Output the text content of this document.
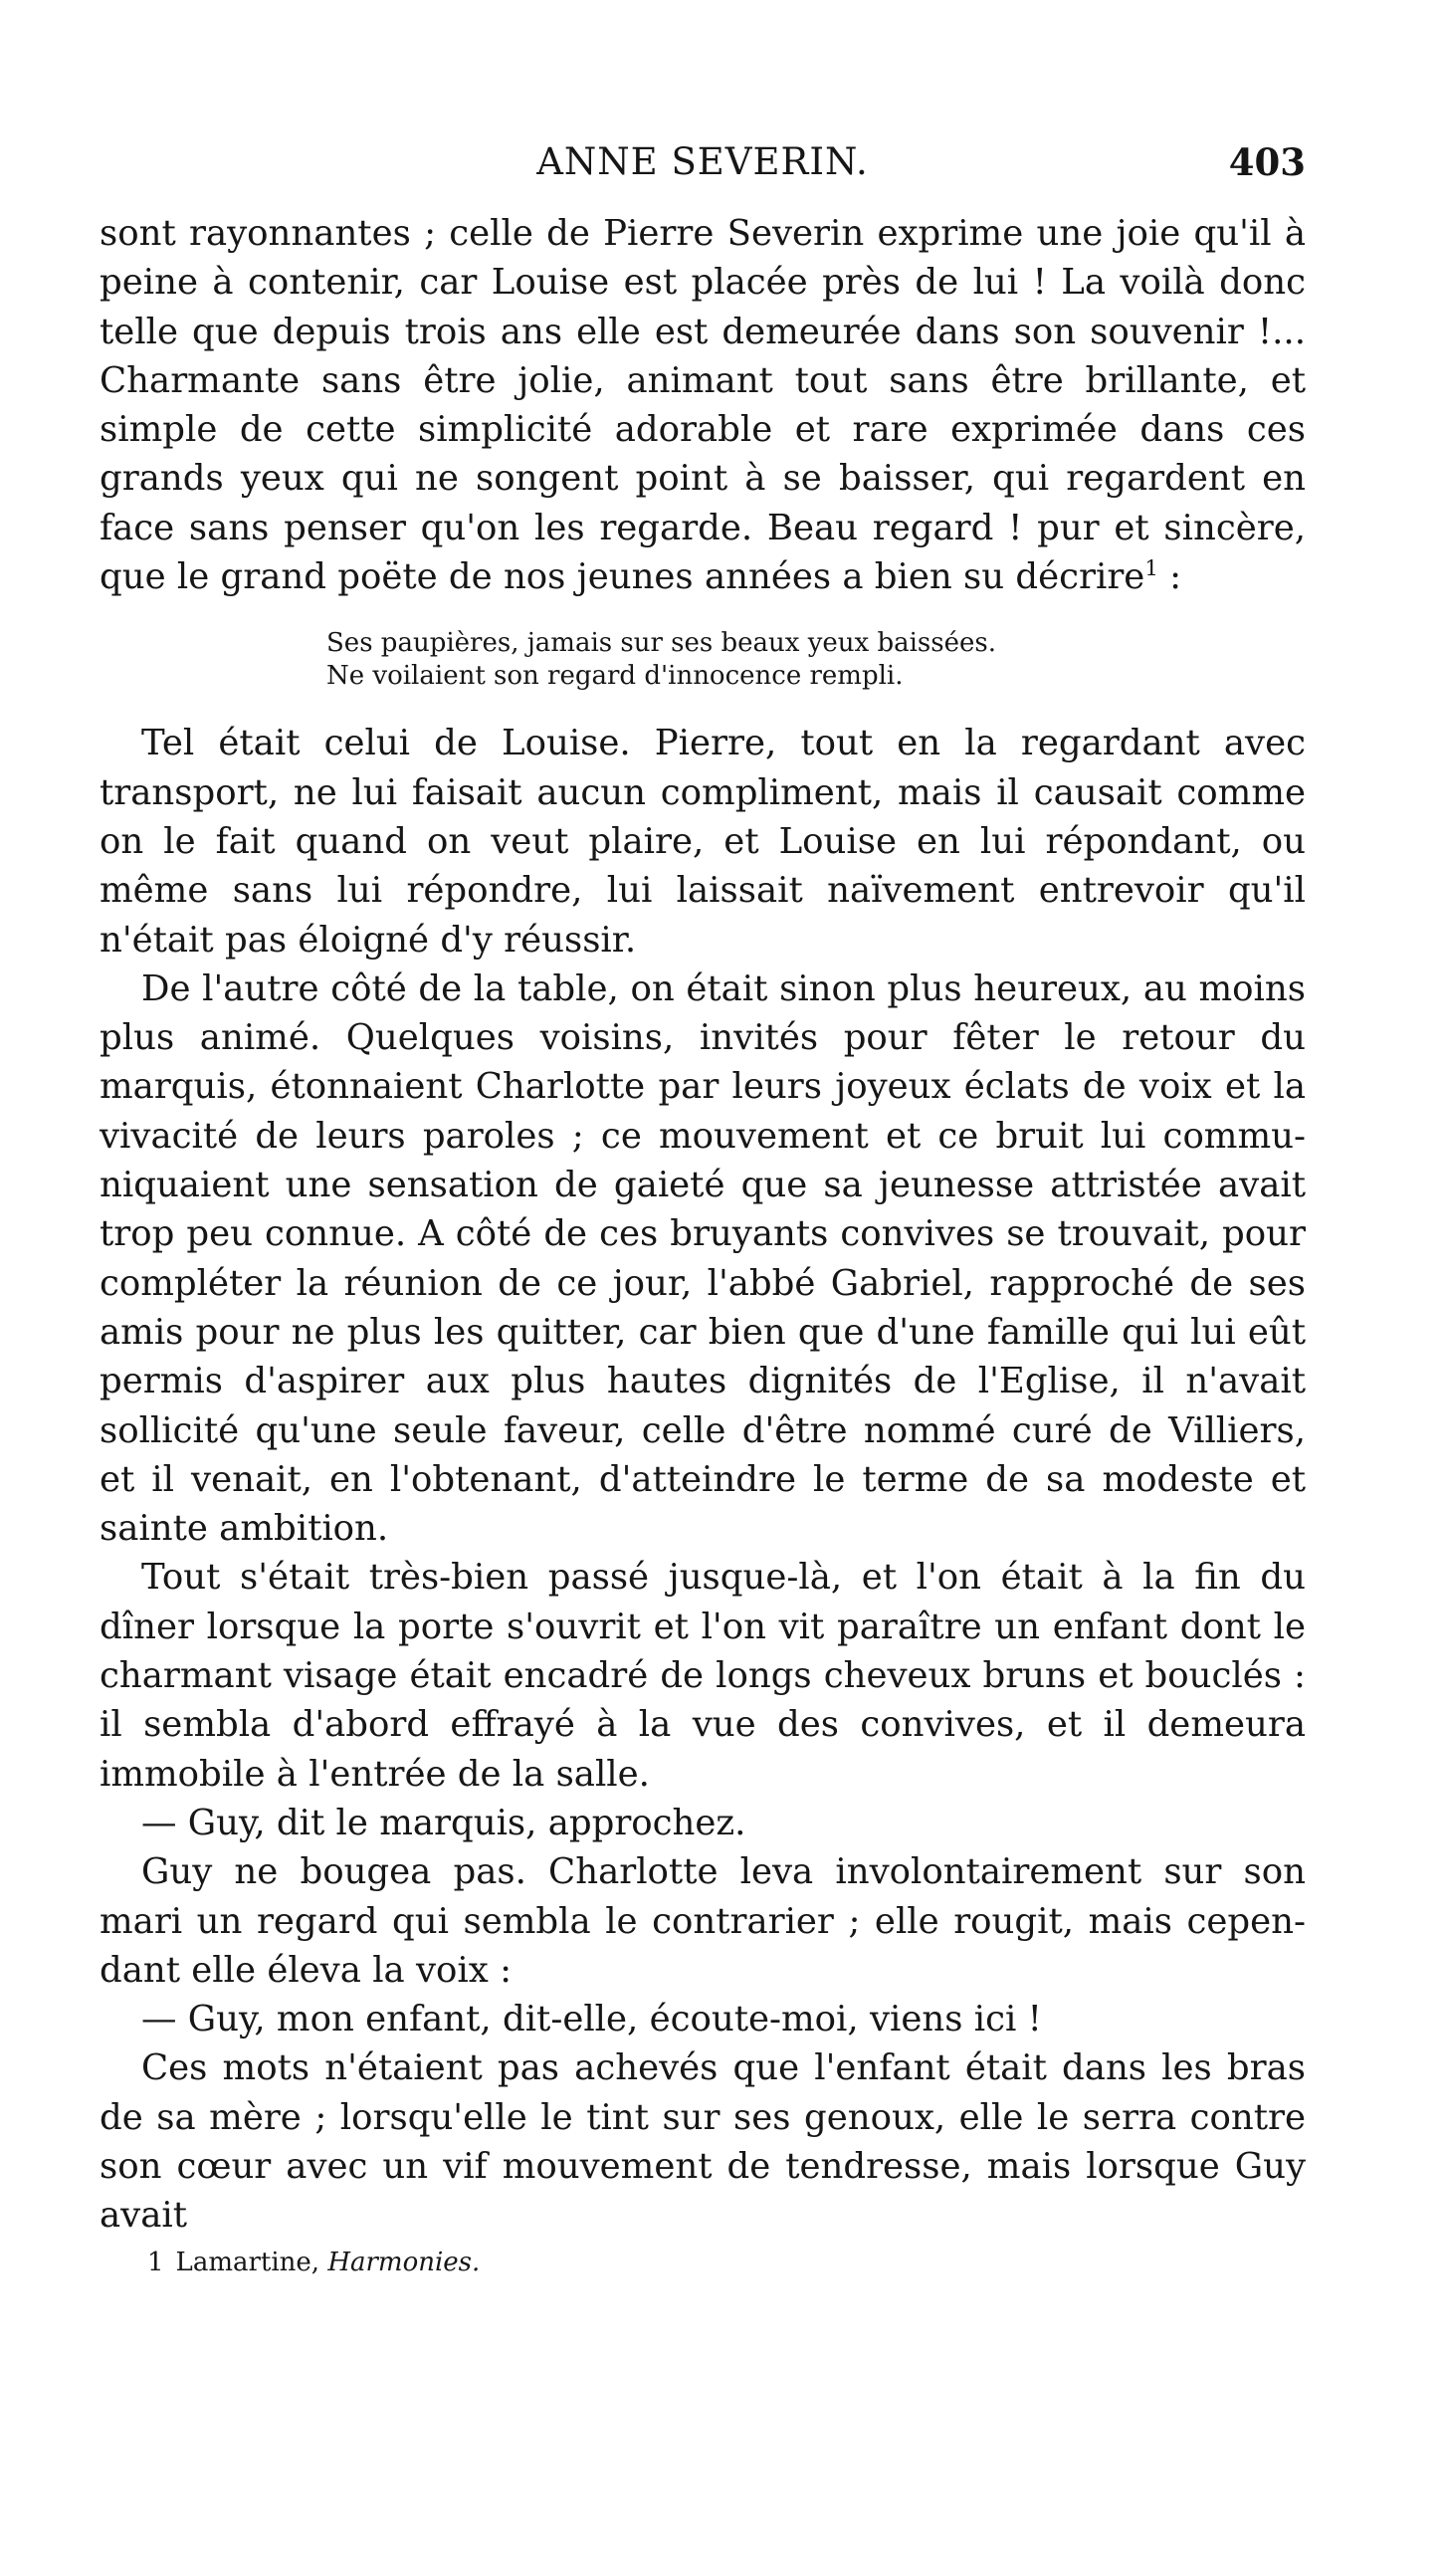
ANNE SEVERIN.	403

sont rayonnantes ; celle de Pierre Severin exprime une joie qu'il à peine à contenir, car Louise est placée près de lui ! La voilà donc telle que depuis trois ans elle est demeurée dans son souvenir !... Charmante sans être jolie, animant tout sans être brillante, et simple de cette simplicité adorable et rare exprimée dans ces grands yeux qui ne songent point à se baisser, qui regardent en face sans penser qu'on les regarde. Beau regard ! pur et sincère, que le grand poëte de nos jeunes années a bien su décrire$^1$ :

Ses paupières, jamais sur ses beaux yeux baissées.
Ne voilaient son regard d'innocence rempli.

Tel était celui de Louise. Pierre, tout en la regardant avec transport, ne lui faisait aucun compliment, mais il causait comme on le fait quand on veut plaire, et Louise en lui répondant, ou même sans lui répondre, lui laissait naïvement entrevoir qu'il n'était pas éloigné d'y réussir.

De l'autre côté de la table, on était sinon plus heureux, au moins plus animé. Quelques voisins, invités pour fêter le retour du marquis, étonnaient Charlotte par leurs joyeux éclats de voix et la vivacité de leurs paroles ; ce mouvement et ce bruit lui communiquaient une sensation de gaieté que sa jeunesse attristée avait trop peu connue. A côté de ces bruyants convives se trouvait, pour compléter la réunion de ce jour, l'abbé Gabriel, rapproché de ses amis pour ne plus les quitter, car bien que d'une famille qui lui eût permis d'aspirer aux plus hautes dignités de l'Eglise, il n'avait sollicité qu'une seule faveur, celle d'être nommé curé de Villiers, et il venait, en l'obtenant, d'atteindre le terme de sa modeste et sainte ambition.

Tout s'était très-bien passé jusque-là, et l'on était à la fin du dîner lorsque la porte s'ouvrit et l'on vit paraître un enfant dont le charmant visage était encadré de longs cheveux bruns et bouclés : il sembla d'abord effrayé à la vue des convives, et il demeura immobile à l'entrée de la salle.

— Guy, dit le marquis, approchez.

Guy ne bougea pas. Charlotte leva involontairement sur son mari un regard qui sembla le contrarier ; elle rougit, mais cependant elle éleva la voix :

— Guy, mon enfant, dit-elle, écoute-moi, viens ici !

Ces mots n'étaient pas achevés que l'enfant était dans les bras de sa mère ; lorsqu'elle le tint sur ses genoux, elle le serra contre son cœur avec un vif mouvement de tendresse, mais lorsque Guy avait

1 Lamartine, Harmonies.
